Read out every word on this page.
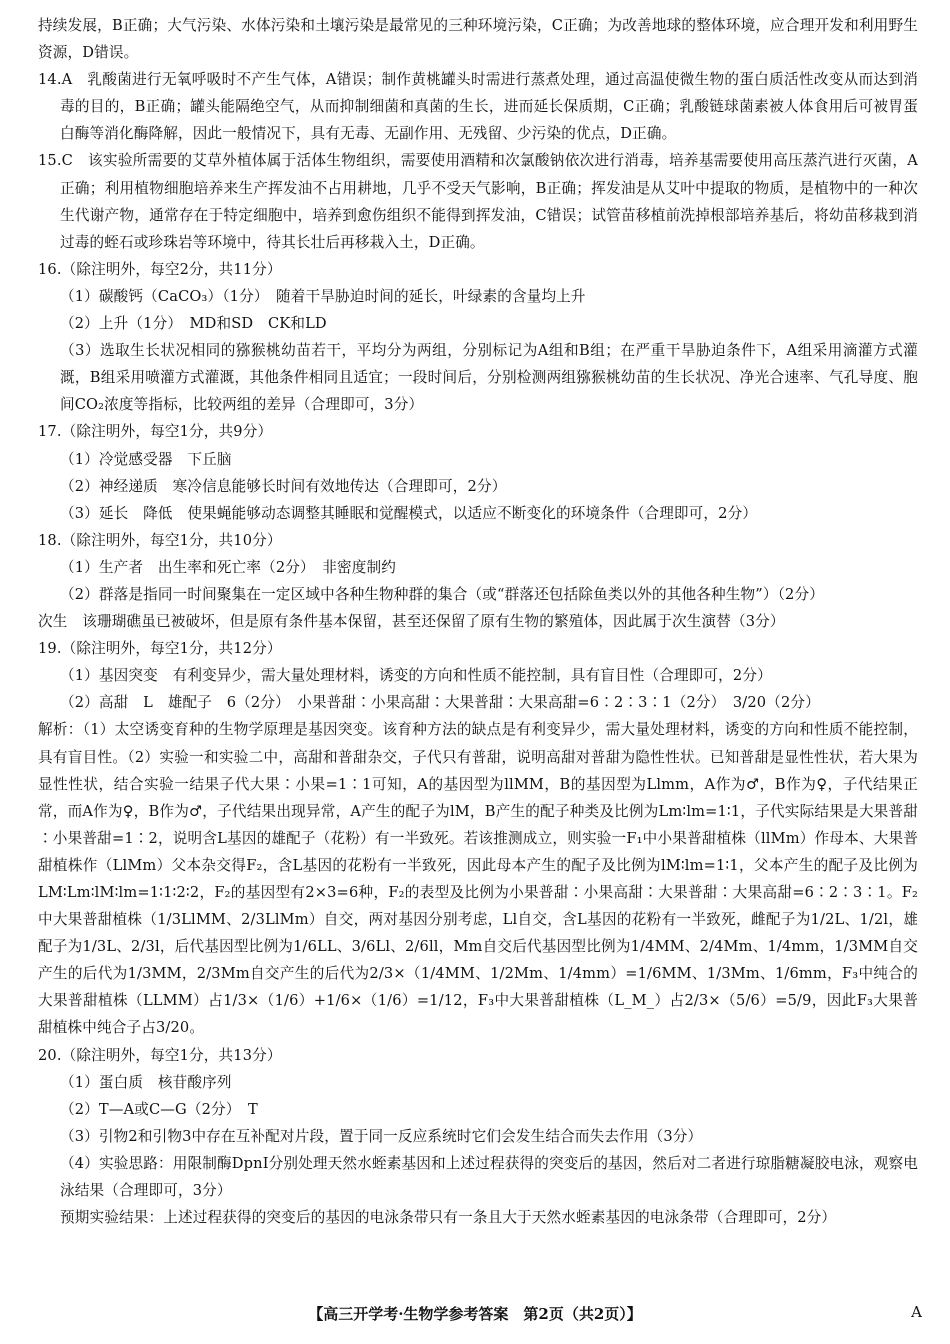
持续发展，B正确；大气污染、水体污染和土壤污染是最常见的三种环境污染，C正确；为改善地球的整体环境，应合理开发和利用野生资源，D错误。

14.A　乳酸菌进行无氧呼吸时不产生气体，A错误；制作黄桃罐头时需进行蒸煮处理，通过高温使微生物的蛋白质活性改变从而达到消毒的目的，B正确；罐头能隔绝空气，从而抑制细菌和真菌的生长，进而延长保质期，C正确；乳酸链球菌素被人体食用后可被胃蛋白酶等消化酶降解，因此一般情况下，具有无毒、无副作用、无残留、少污染的优点，D正确。

15.C　该实验所需要的艾草外植体属于活体生物组织，需要使用酒精和次氯酸钠依次进行消毒，培养基需要使用高压蒸汽进行灭菌，A正确；利用植物细胞培养来生产挥发油不占用耕地，几乎不受天气影响，B正确；挥发油是从艾叶中提取的物质，是植物中的一种次生代谢产物，通常存在于特定细胞中，培养到愈伤组织不能得到挥发油，C错误；试管苗移植前洗掉根部培养基后，将幼苗移栽到消过毒的蛭石或珍珠岩等环境中，待其长壮后再移栽入土，D正确。

16.（除注明外，每空2分，共11分）

（1）碳酸钙（CaCO₃）（1分）　随着干旱胁迫时间的延长，叶绿素的含量均上升

（2）上升（1分）　MD和SD　CK和LD

（3）选取生长状况相同的猕猴桃幼苗若干，平均分为两组，分别标记为A组和B组；在严重干旱胁迫条件下，A组采用滴灌方式灌溉，B组采用喷灌方式灌溉，其他条件相同且适宜；一段时间后，分别检测两组猕猴桃幼苗的生长状况、净光合速率、气孔导度、胞间CO₂浓度等指标，比较两组的差异（合理即可，3分）

17.（除注明外，每空1分，共9分）

（1）冷觉感受器　下丘脑

（2）神经递质　寒冷信息能够长时间有效地传达（合理即可，2分）

（3）延长　降低　使果蝇能够动态调整其睡眠和觉醒模式，以适应不断变化的环境条件（合理即可，2分）

18.（除注明外，每空1分，共10分）

（1）生产者　出生率和死亡率（2分）　非密度制约

（2）群落是指同一时间聚集在一定区域中各种生物种群的集合（或“群落还包括除鱼类以外的其他各种生物”）（2分）

次生　该珊瑚礁虽已被破坏，但是原有条件基本保留，甚至还保留了原有生物的繁殖体，因此属于次生演替（3分）

19.（除注明外，每空1分，共12分）

（1）基因突变　有利变异少，需大量处理材料，诱变的方向和性质不能控制，具有盲目性（合理即可，2分）

（2）高甜　L　雄配子　6（2分）　小果普甜∶小果高甜∶大果普甜∶大果高甜=6∶2∶3∶1（2分）　3/20（2分）

解析：（1）太空诱变育种的生物学原理是基因突变。该育种方法的缺点是有利变异少，需大量处理材料，诱变的方向和性质不能控制，具有盲目性。（2）实验一和实验二中，高甜和普甜杂交，子代只有普甜，说明高甜对普甜为隐性性状。已知普甜是显性性状，若大果为显性性状，结合实验一结果子代大果∶小果=1∶1可知，A的基因型为llMM，B的基因型为Llmm，A作为♂，B作为♀，子代结果正常，而A作为♀，B作为♂，子代结果出现异常，A产生的配子为lM，B产生的配子种类及比例为Lm∶lm=1∶1，子代实际结果是大果普甜∶小果普甜=1∶2，说明含L基因的雄配子（花粉）有一半致死。若该推测成立，则实验一F₁中小果普甜植株（llMm）作母本、大果普甜植株作（LlMm）父本杂交得F₂，含L基因的花粉有一半致死，因此母本产生的配子及比例为lM∶lm=1∶1，父本产生的配子及比例为LM∶Lm∶lM∶lm=1∶1∶2∶2，F₂的基因型有2×3=6种，F₂的表型及比例为小果普甜∶小果高甜∶大果普甜∶大果高甜=6∶2∶3∶1。F₂中大果普甜植株（1/3LlMM、2/3LlMm）自交，两对基因分别考虑，Ll自交，含L基因的花粉有一半致死，雌配子为1/2L、1/2l，雄配子为1/3L、2/3l，后代基因型比例为1/6LL、3/6Ll、2/6ll，Mm自交后代基因型比例为1/4MM、2/4Mm、1/4mm，1/3MM自交产生的后代为1/3MM，2/3Mm自交产生的后代为2/3×（1/4MM、1/2Mm、1/4mm）=1/6MM、1/3Mm、1/6mm，F₃中纯合的大果普甜植株（LLMM）占1/3×（1/6）+1/6×（1/6）=1/12，F₃中大果普甜植株（L_M_）占2/3×（5/6）=5/9，因此F₃大果普甜植株中纯合子占3/20。

20.（除注明外，每空1分，共13分）

（1）蛋白质　核苷酸序列

（2）T—A或C—G（2分）　T

（3）引物2和引物3中存在互补配对片段，置于同一反应系统时它们会发生结合而失去作用（3分）

（4）实验思路：用限制酶DpnⅠ分别处理天然水蛭素基因和上述过程获得的突变后的基因，然后对二者进行琼脂糖凝胶电泳，观察电泳结果（合理即可，3分）

预期实验结果：上述过程获得的突变后的基因的电泳条带只有一条且大于天然水蛭素基因的电泳条带（合理即可，2分）

【高三开学考·生物学参考答案　第2页（共2页）】	A
